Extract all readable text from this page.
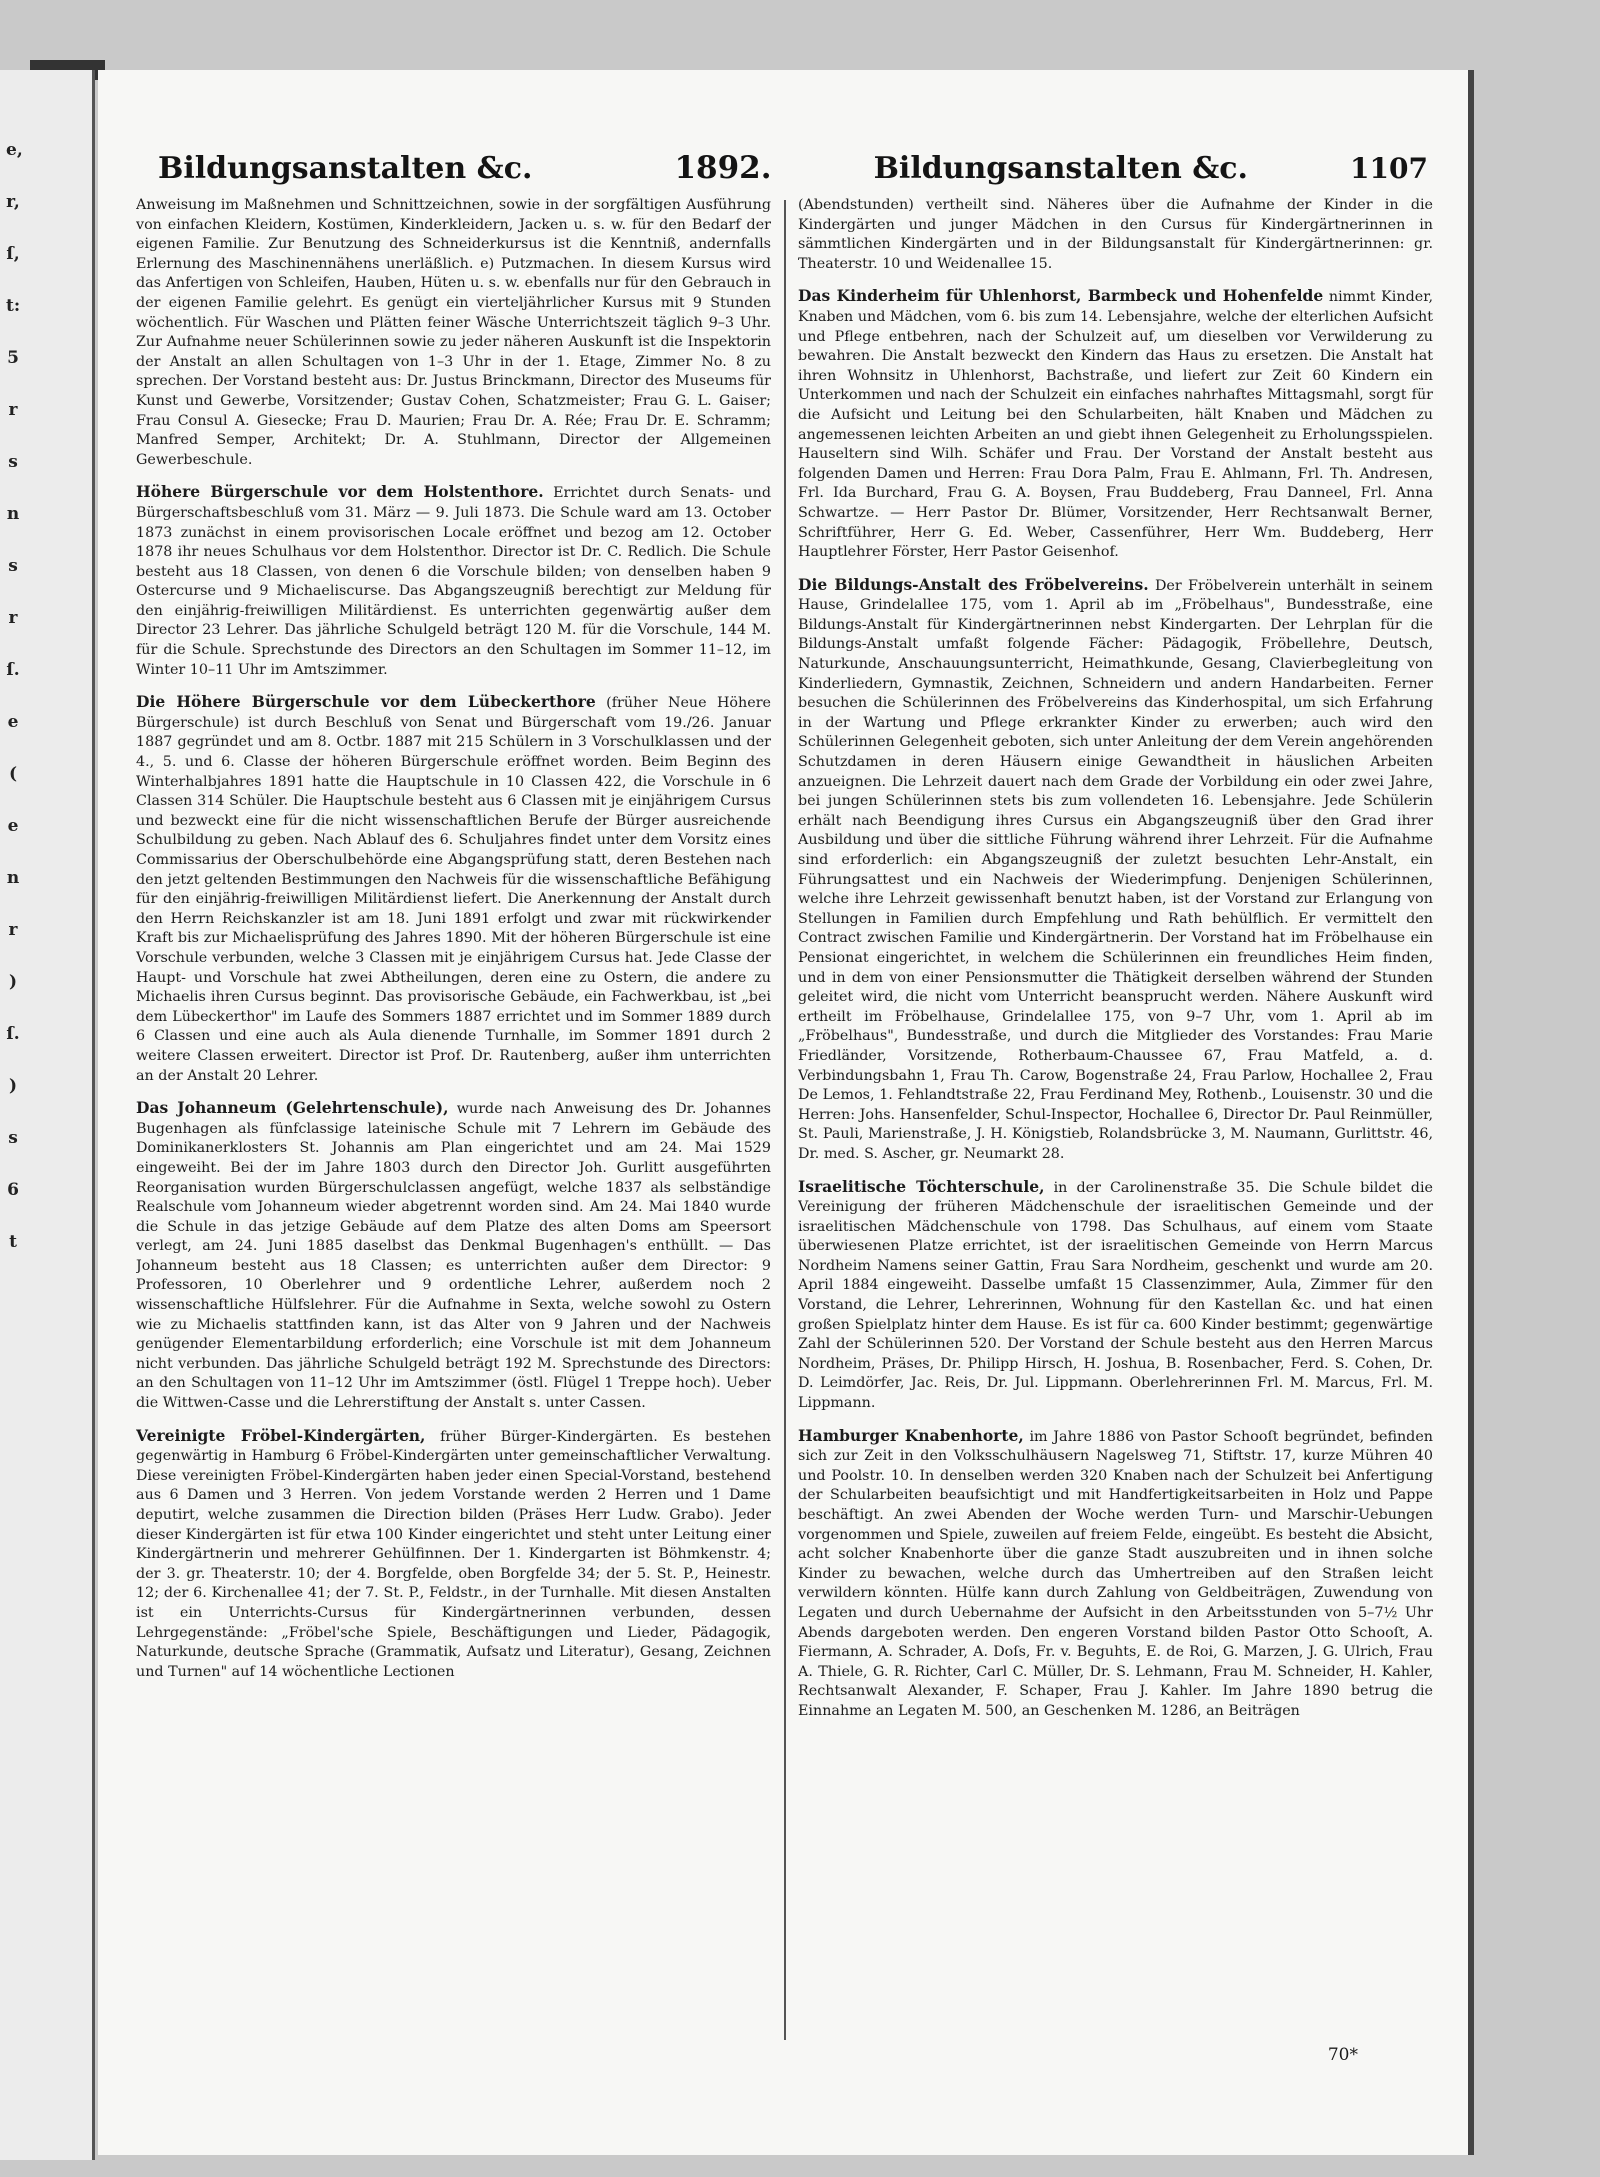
e,
r,
ſ,
t:
5
r
s
n
s
r
ſ.
e
(
e
n
r
)
ſ.
)
s
6
t
Bildungsanstalten &c.	1892.	Bildungsanstalten &c.	1107

Anweisung im Maßnehmen und Schnittzeichnen, sowie in der sorgfältigen Ausführung von einfachen Kleidern, Kostümen, Kinderkleidern, Jacken u. s. w. für den Bedarf der eigenen Familie. Zur Benutzung des Schneiderkursus ist die Kenntniß, andernfalls Erlernung des Maschinennähens unerläßlich. e) Putzmachen. In diesem Kursus wird das Anfertigen von Schleifen, Hauben, Hüten u. s. w. ebenfalls nur für den Gebrauch in der eigenen Familie gelehrt. Es genügt ein vierteljährlicher Kursus mit 9 Stunden wöchentlich. Für Waschen und Plätten feiner Wäsche Unterrichtszeit täglich 9–3 Uhr. Zur Aufnahme neuer Schülerinnen sowie zu jeder näheren Auskunft ist die Inspektorin der Anstalt an allen Schultagen von 1–3 Uhr in der 1. Etage, Zimmer No. 8 zu sprechen. Der Vorstand besteht aus: Dr. Justus Brinckmann, Director des Museums für Kunst und Gewerbe, Vorsitzender; Gustav Cohen, Schatzmeister; Frau G. L. Gaiser; Frau Consul A. Giesecke; Frau D. Maurien; Frau Dr. A. Rée; Frau Dr. E. Schramm; Manfred Semper, Architekt; Dr. A. Stuhlmann, Director der Allgemeinen Gewerbeschule.

Höhere Bürgerschule vor dem Holstenthore. Errichtet durch Senats- und Bürgerschaftsbeschluß vom 31. März — 9. Juli 1873. Die Schule ward am 13. October 1873 zunächst in einem provisorischen Locale eröffnet und bezog am 12. October 1878 ihr neues Schulhaus vor dem Holstenthor. Director ist Dr. C. Redlich. Die Schule besteht aus 18 Classen, von denen 6 die Vorschule bilden; von denselben haben 9 Ostercurse und 9 Michaeliscurse. Das Abgangszeugniß berechtigt zur Meldung für den einjährig-freiwilligen Militärdienst. Es unterrichten gegenwärtig außer dem Director 23 Lehrer. Das jährliche Schulgeld beträgt 120 M. für die Vorschule, 144 M. für die Schule. Sprechstunde des Directors an den Schultagen im Sommer 11–12, im Winter 10–11 Uhr im Amtszimmer.

Die Höhere Bürgerschule vor dem Lübeckerthore (früher Neue Höhere Bürgerschule) ist durch Beschluß von Senat und Bürgerschaft vom 19./26. Januar 1887 gegründet und am 8. Octbr. 1887 mit 215 Schülern in 3 Vorschulklassen und der 4., 5. und 6. Classe der höheren Bürgerschule eröffnet worden. Beim Beginn des Winterhalbjahres 1891 hatte die Hauptschule in 10 Classen 422, die Vorschule in 6 Classen 314 Schüler. Die Hauptschule besteht aus 6 Classen mit je einjährigem Cursus und bezweckt eine für die nicht wissenschaftlichen Berufe der Bürger ausreichende Schulbildung zu geben. Nach Ablauf des 6. Schuljahres findet unter dem Vorsitz eines Commissarius der Oberschulbehörde eine Abgangsprüfung statt, deren Bestehen nach den jetzt geltenden Bestimmungen den Nachweis für die wissenschaftliche Befähigung für den einjährig-freiwilligen Militärdienst liefert. Die Anerkennung der Anstalt durch den Herrn Reichskanzler ist am 18. Juni 1891 erfolgt und zwar mit rückwirkender Kraft bis zur Michaelisprüfung des Jahres 1890. Mit der höheren Bürgerschule ist eine Vorschule verbunden, welche 3 Classen mit je einjährigem Cursus hat. Jede Classe der Haupt- und Vorschule hat zwei Abtheilungen, deren eine zu Ostern, die andere zu Michaelis ihren Cursus beginnt. Das provisorische Gebäude, ein Fachwerkbau, ist „bei dem Lübeckerthor" im Laufe des Sommers 1887 errichtet und im Sommer 1889 durch 6 Classen und eine auch als Aula dienende Turnhalle, im Sommer 1891 durch 2 weitere Classen erweitert. Director ist Prof. Dr. Rautenberg, außer ihm unterrichten an der Anstalt 20 Lehrer.

Das Johanneum (Gelehrtenschule), wurde nach Anweisung des Dr. Johannes Bugenhagen als fünfclassige lateinische Schule mit 7 Lehrern im Gebäude des Dominikanerklosters St. Johannis am Plan eingerichtet und am 24. Mai 1529 eingeweiht. Bei der im Jahre 1803 durch den Director Joh. Gurlitt ausgeführten Reorganisation wurden Bürgerschulclassen angefügt, welche 1837 als selbständige Realschule vom Johanneum wieder abgetrennt worden sind. Am 24. Mai 1840 wurde die Schule in das jetzige Gebäude auf dem Platze des alten Doms am Speersort verlegt, am 24. Juni 1885 daselbst das Denkmal Bugenhagen's enthüllt. — Das Johanneum besteht aus 18 Classen; es unterrichten außer dem Director: 9 Professoren, 10 Oberlehrer und 9 ordentliche Lehrer, außerdem noch 2 wissenschaftliche Hülfslehrer. Für die Aufnahme in Sexta, welche sowohl zu Ostern wie zu Michaelis stattfinden kann, ist das Alter von 9 Jahren und der Nachweis genügender Elementarbildung erforderlich; eine Vorschule ist mit dem Johanneum nicht verbunden. Das jährliche Schulgeld beträgt 192 M. Sprechstunde des Directors: an den Schultagen von 11–12 Uhr im Amtszimmer (östl. Flügel 1 Treppe hoch). Ueber die Wittwen-Casse und die Lehrerstiftung der Anstalt s. unter Cassen.

Vereinigte Fröbel-Kindergärten, früher Bürger-Kindergärten. Es bestehen gegenwärtig in Hamburg 6 Fröbel-Kindergärten unter gemeinschaftlicher Verwaltung. Diese vereinigten Fröbel-Kindergärten haben jeder einen Special-Vorstand, bestehend aus 6 Damen und 3 Herren. Von jedem Vorstande werden 2 Herren und 1 Dame deputirt, welche zusammen die Direction bilden (Präses Herr Ludw. Grabo). Jeder dieser Kindergärten ist für etwa 100 Kinder eingerichtet und steht unter Leitung einer Kindergärtnerin und mehrerer Gehülfinnen. Der 1. Kindergarten ist Böhmkenstr. 4; der 3. gr. Theaterstr. 10; der 4. Borgfelde, oben Borgfelde 34; der 5. St. P., Heinestr. 12; der 6. Kirchenallee 41; der 7. St. P., Feldstr., in der Turnhalle. Mit diesen Anstalten ist ein Unterrichts-Cursus für Kindergärtnerinnen verbunden, dessen Lehrgegenstände: „Fröbel'sche Spiele, Beschäftigungen und Lieder, Pädagogik, Naturkunde, deutsche Sprache (Grammatik, Aufsatz und Literatur), Gesang, Zeichnen und Turnen" auf 14 wöchentliche Lectionen

(Abendstunden) vertheilt sind. Näheres über die Aufnahme der Kinder in die Kindergärten und junger Mädchen in den Cursus für Kindergärtnerinnen in sämmtlichen Kindergärten und in der Bildungsanstalt für Kindergärtnerinnen: gr. Theaterstr. 10 und Weidenallee 15.

Das Kinderheim für Uhlenhorst, Barmbeck und Hohenfelde nimmt Kinder, Knaben und Mädchen, vom 6. bis zum 14. Lebensjahre, welche der elterlichen Aufsicht und Pflege entbehren, nach der Schulzeit auf, um dieselben vor Verwilderung zu bewahren. Die Anstalt bezweckt den Kindern das Haus zu ersetzen. Die Anstalt hat ihren Wohnsitz in Uhlenhorst, Bachstraße, und liefert zur Zeit 60 Kindern ein Unterkommen und nach der Schulzeit ein einfaches nahrhaftes Mittagsmahl, sorgt für die Aufsicht und Leitung bei den Schularbeiten, hält Knaben und Mädchen zu angemessenen leichten Arbeiten an und giebt ihnen Gelegenheit zu Erholungsspielen. Hauseltern sind Wilh. Schäfer und Frau. Der Vorstand der Anstalt besteht aus folgenden Damen und Herren: Frau Dora Palm, Frau E. Ahlmann, Frl. Th. Andresen, Frl. Ida Burchard, Frau G. A. Boysen, Frau Buddeberg, Frau Danneel, Frl. Anna Schwartze. — Herr Pastor Dr. Blümer, Vorsitzender, Herr Rechtsanwalt Berner, Schriftführer, Herr G. Ed. Weber, Cassenführer, Herr Wm. Buddeberg, Herr Hauptlehrer Förster, Herr Pastor Geisenhof.

Die Bildungs-Anstalt des Fröbelvereins. Der Fröbelverein unterhält in seinem Hause, Grindelallee 175, vom 1. April ab im „Fröbelhaus", Bundesstraße, eine Bildungs-Anstalt für Kindergärtnerinnen nebst Kindergarten. Der Lehrplan für die Bildungs-Anstalt umfaßt folgende Fächer: Pädagogik, Fröbellehre, Deutsch, Naturkunde, Anschauungsunterricht, Heimathkunde, Gesang, Clavierbegleitung von Kinderliedern, Gymnastik, Zeichnen, Schneidern und andern Handarbeiten. Ferner besuchen die Schülerinnen des Fröbelvereins das Kinderhospital, um sich Erfahrung in der Wartung und Pflege erkrankter Kinder zu erwerben; auch wird den Schülerinnen Gelegenheit geboten, sich unter Anleitung der dem Verein angehörenden Schutzdamen in deren Häusern einige Gewandtheit in häuslichen Arbeiten anzueignen. Die Lehrzeit dauert nach dem Grade der Vorbildung ein oder zwei Jahre, bei jungen Schülerinnen stets bis zum vollendeten 16. Lebensjahre. Jede Schülerin erhält nach Beendigung ihres Cursus ein Abgangszeugniß über den Grad ihrer Ausbildung und über die sittliche Führung während ihrer Lehrzeit. Für die Aufnahme sind erforderlich: ein Abgangszeugniß der zuletzt besuchten Lehr-Anstalt, ein Führungsattest und ein Nachweis der Wiederimpfung. Denjenigen Schülerinnen, welche ihre Lehrzeit gewissenhaft benutzt haben, ist der Vorstand zur Erlangung von Stellungen in Familien durch Empfehlung und Rath behülflich. Er vermittelt den Contract zwischen Familie und Kindergärtnerin. Der Vorstand hat im Fröbelhause ein Pensionat eingerichtet, in welchem die Schülerinnen ein freundliches Heim finden, und in dem von einer Pensionsmutter die Thätigkeit derselben während der Stunden geleitet wird, die nicht vom Unterricht beansprucht werden. Nähere Auskunft wird ertheilt im Fröbelhause, Grindelallee 175, von 9–7 Uhr, vom 1. April ab im „Fröbelhaus", Bundesstraße, und durch die Mitglieder des Vorstandes: Frau Marie Friedländer, Vorsitzende, Rotherbaum-Chaussee 67, Frau Matfeld, a. d. Verbindungsbahn 1, Frau Th. Carow, Bogenstraße 24, Frau Parlow, Hochallee 2, Frau De Lemos, 1. Fehlandtstraße 22, Frau Ferdinand Mey, Rothenb., Louisenstr. 30 und die Herren: Johs. Hansenfelder, Schul-Inspector, Hochallee 6, Director Dr. Paul Reinmüller, St. Pauli, Marienstraße, J. H. Königstieb, Rolandsbrücke 3, M. Naumann, Gurlittstr. 46, Dr. med. S. Ascher, gr. Neumarkt 28.

Israelitische Töchterschule, in der Carolinenstraße 35. Die Schule bildet die Vereinigung der früheren Mädchenschule der israelitischen Gemeinde und der israelitischen Mädchenschule von 1798. Das Schulhaus, auf einem vom Staate überwiesenen Platze errichtet, ist der israelitischen Gemeinde von Herrn Marcus Nordheim Namens seiner Gattin, Frau Sara Nordheim, geschenkt und wurde am 20. April 1884 eingeweiht. Dasselbe umfaßt 15 Classenzimmer, Aula, Zimmer für den Vorstand, die Lehrer, Lehrerinnen, Wohnung für den Kastellan &c. und hat einen großen Spielplatz hinter dem Hause. Es ist für ca. 600 Kinder bestimmt; gegenwärtige Zahl der Schülerinnen 520. Der Vorstand der Schule besteht aus den Herren Marcus Nordheim, Präses, Dr. Philipp Hirsch, H. Joshua, B. Rosenbacher, Ferd. S. Cohen, Dr. D. Leimdörfer, Jac. Reis, Dr. Jul. Lippmann. Oberlehrerinnen Frl. M. Marcus, Frl. M. Lippmann.

Hamburger Knabenhorte, im Jahre 1886 von Pastor Schooſt begründet, befinden sich zur Zeit in den Volksschulhäusern Nagelsweg 71, Stiftstr. 17, kurze Mühren 40 und Poolstr. 10. In denselben werden 320 Knaben nach der Schulzeit bei Anfertigung der Schularbeiten beaufsichtigt und mit Handfertigkeitsarbeiten in Holz und Pappe beschäftigt. An zwei Abenden der Woche werden Turn- und Marschir-Uebungen vorgenommen und Spiele, zuweilen auf freiem Felde, eingeübt. Es besteht die Absicht, acht solcher Knabenhorte über die ganze Stadt auszubreiten und in ihnen solche Kinder zu bewachen, welche durch das Umhertreiben auf den Straßen leicht verwildern könnten. Hülfe kann durch Zahlung von Geldbeiträgen, Zuwendung von Legaten und durch Uebernahme der Aufsicht in den Arbeitsstunden von 5–7½ Uhr Abends dargeboten werden. Den engeren Vorstand bilden Pastor Otto Schooſt, A. Fiermann, A. Schrader, A. Doſs, Fr. v. Beguhts, E. de Roi, G. Marzen, J. G. Ulrich, Frau A. Thiele, G. R. Richter, Carl C. Müller, Dr. S. Lehmann, Frau M. Schneider, H. Kahler, Rechtsanwalt Alexander, F. Schaper, Frau J. Kahler. Im Jahre 1890 betrug die Einnahme an Legaten M. 500, an Geschenken M. 1286, an Beiträgen

70*
